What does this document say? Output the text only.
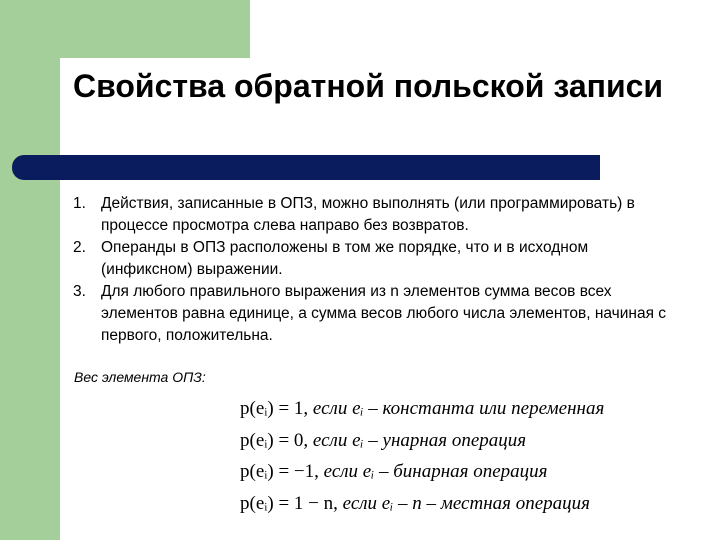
Свойства обратной польской записи
1. Действия, записанные в ОПЗ, можно выполнять (или программировать) в процессе просмотра слева направо без возвратов.
2. Операнды в ОПЗ расположены в том же порядке, что и в исходном (инфиксном) выражении.
3. Для любого правильного выражения из n элементов сумма весов всех элементов равна единице, а сумма весов любого числа элементов, начиная с первого, положительна.
Вес элемента ОПЗ:
p(eᵢ) = 1, если eᵢ – константа или переменная
p(eᵢ) = 0, если eᵢ – унарная операция
p(eᵢ) = −1, если eᵢ – бинарная операция
p(eᵢ) = 1 − n, если eᵢ – n – местная операция
